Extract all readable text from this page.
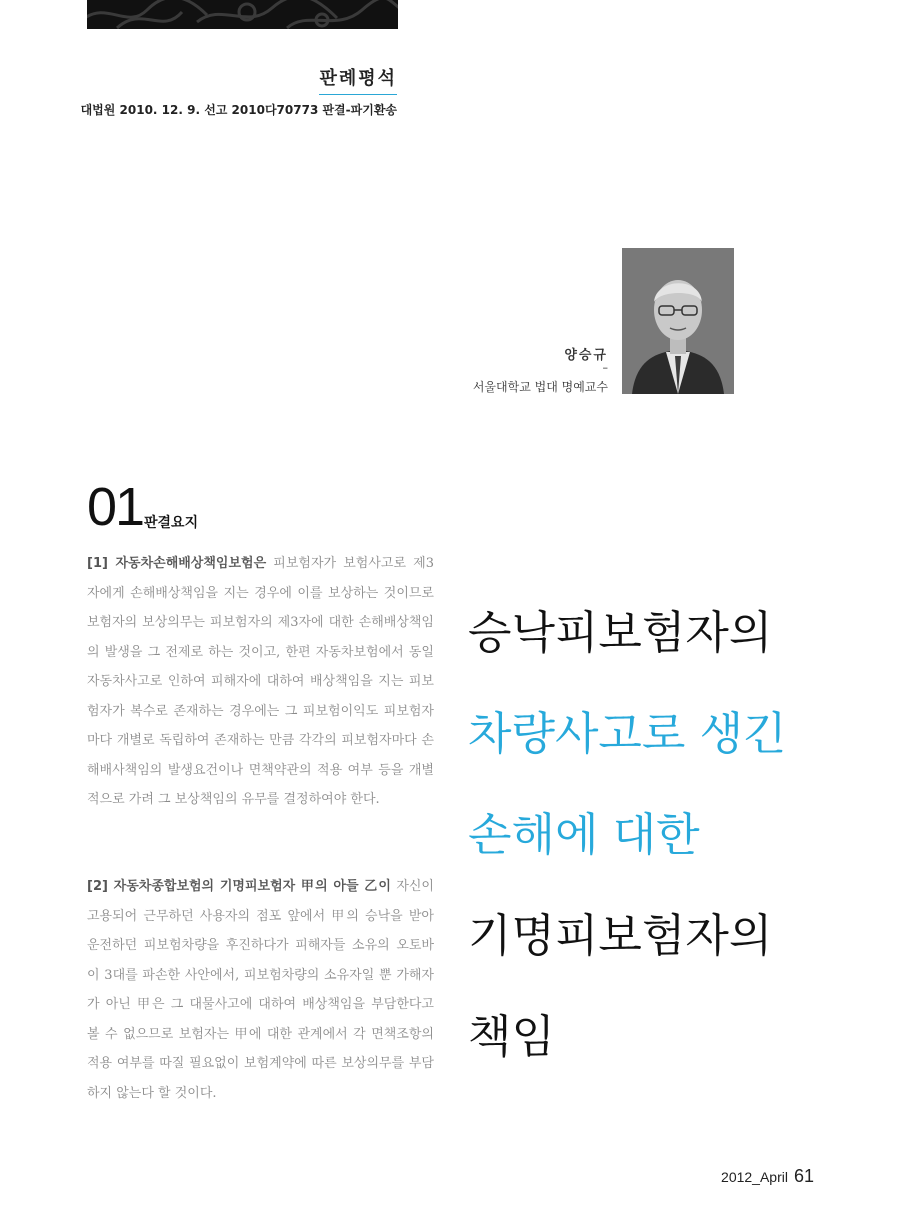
판례평석
대법원 2010. 12. 9. 선고 2010다70773 판결-파기환송
양승규
–
서울대학교 법대 명예교수
01 판결요지

[1] 자동차손해배상책임보험은 피보험자가 보험사고로 제3자에게 손해배상책임을 지는 경우에 이를 보상하는 것이므로 보험자의 보상의무는 피보험자의 제3자에 대한 손해배상책임의 발생을 그 전제로 하는 것이고, 한편 자동차보험에서 동일 자동차사고로 인하여 피해자에 대하여 배상책임을 지는 피보험자가 복수로 존재하는 경우에는 그 피보험이익도 피보험자마다 개별로 독립하여 존재하는 만큼 각각의 피보험자마다 손해배사책임의 발생요건이나 면책약관의 적용 여부 등을 개별적으로 가려 그 보상책임의 유무를 결정하여야 한다.

[2] 자동차종합보험의 기명피보험자 甲의 아들 乙이 자신이 고용되어 근무하던 사용자의 점포 앞에서 甲의 승낙을 받아 운전하던 피보험차량을 후진하다가 피해자들 소유의 오토바이 3대를 파손한 사안에서, 피보험차량의 소유자일 뿐 가해자가 아닌 甲은 그 대물사고에 대하여 배상책임을 부담한다고 볼 수 없으므로 보험자는 甲에 대한 관계에서 각 면책조항의 적용 여부를 따질 필요없이 보험계약에 따른 보상의무를 부담하지 않는다 할 것이다.

승낙피보험자의
차량사고로 생긴
손해에 대한
기명피보험자의
책임
2012_April 61
